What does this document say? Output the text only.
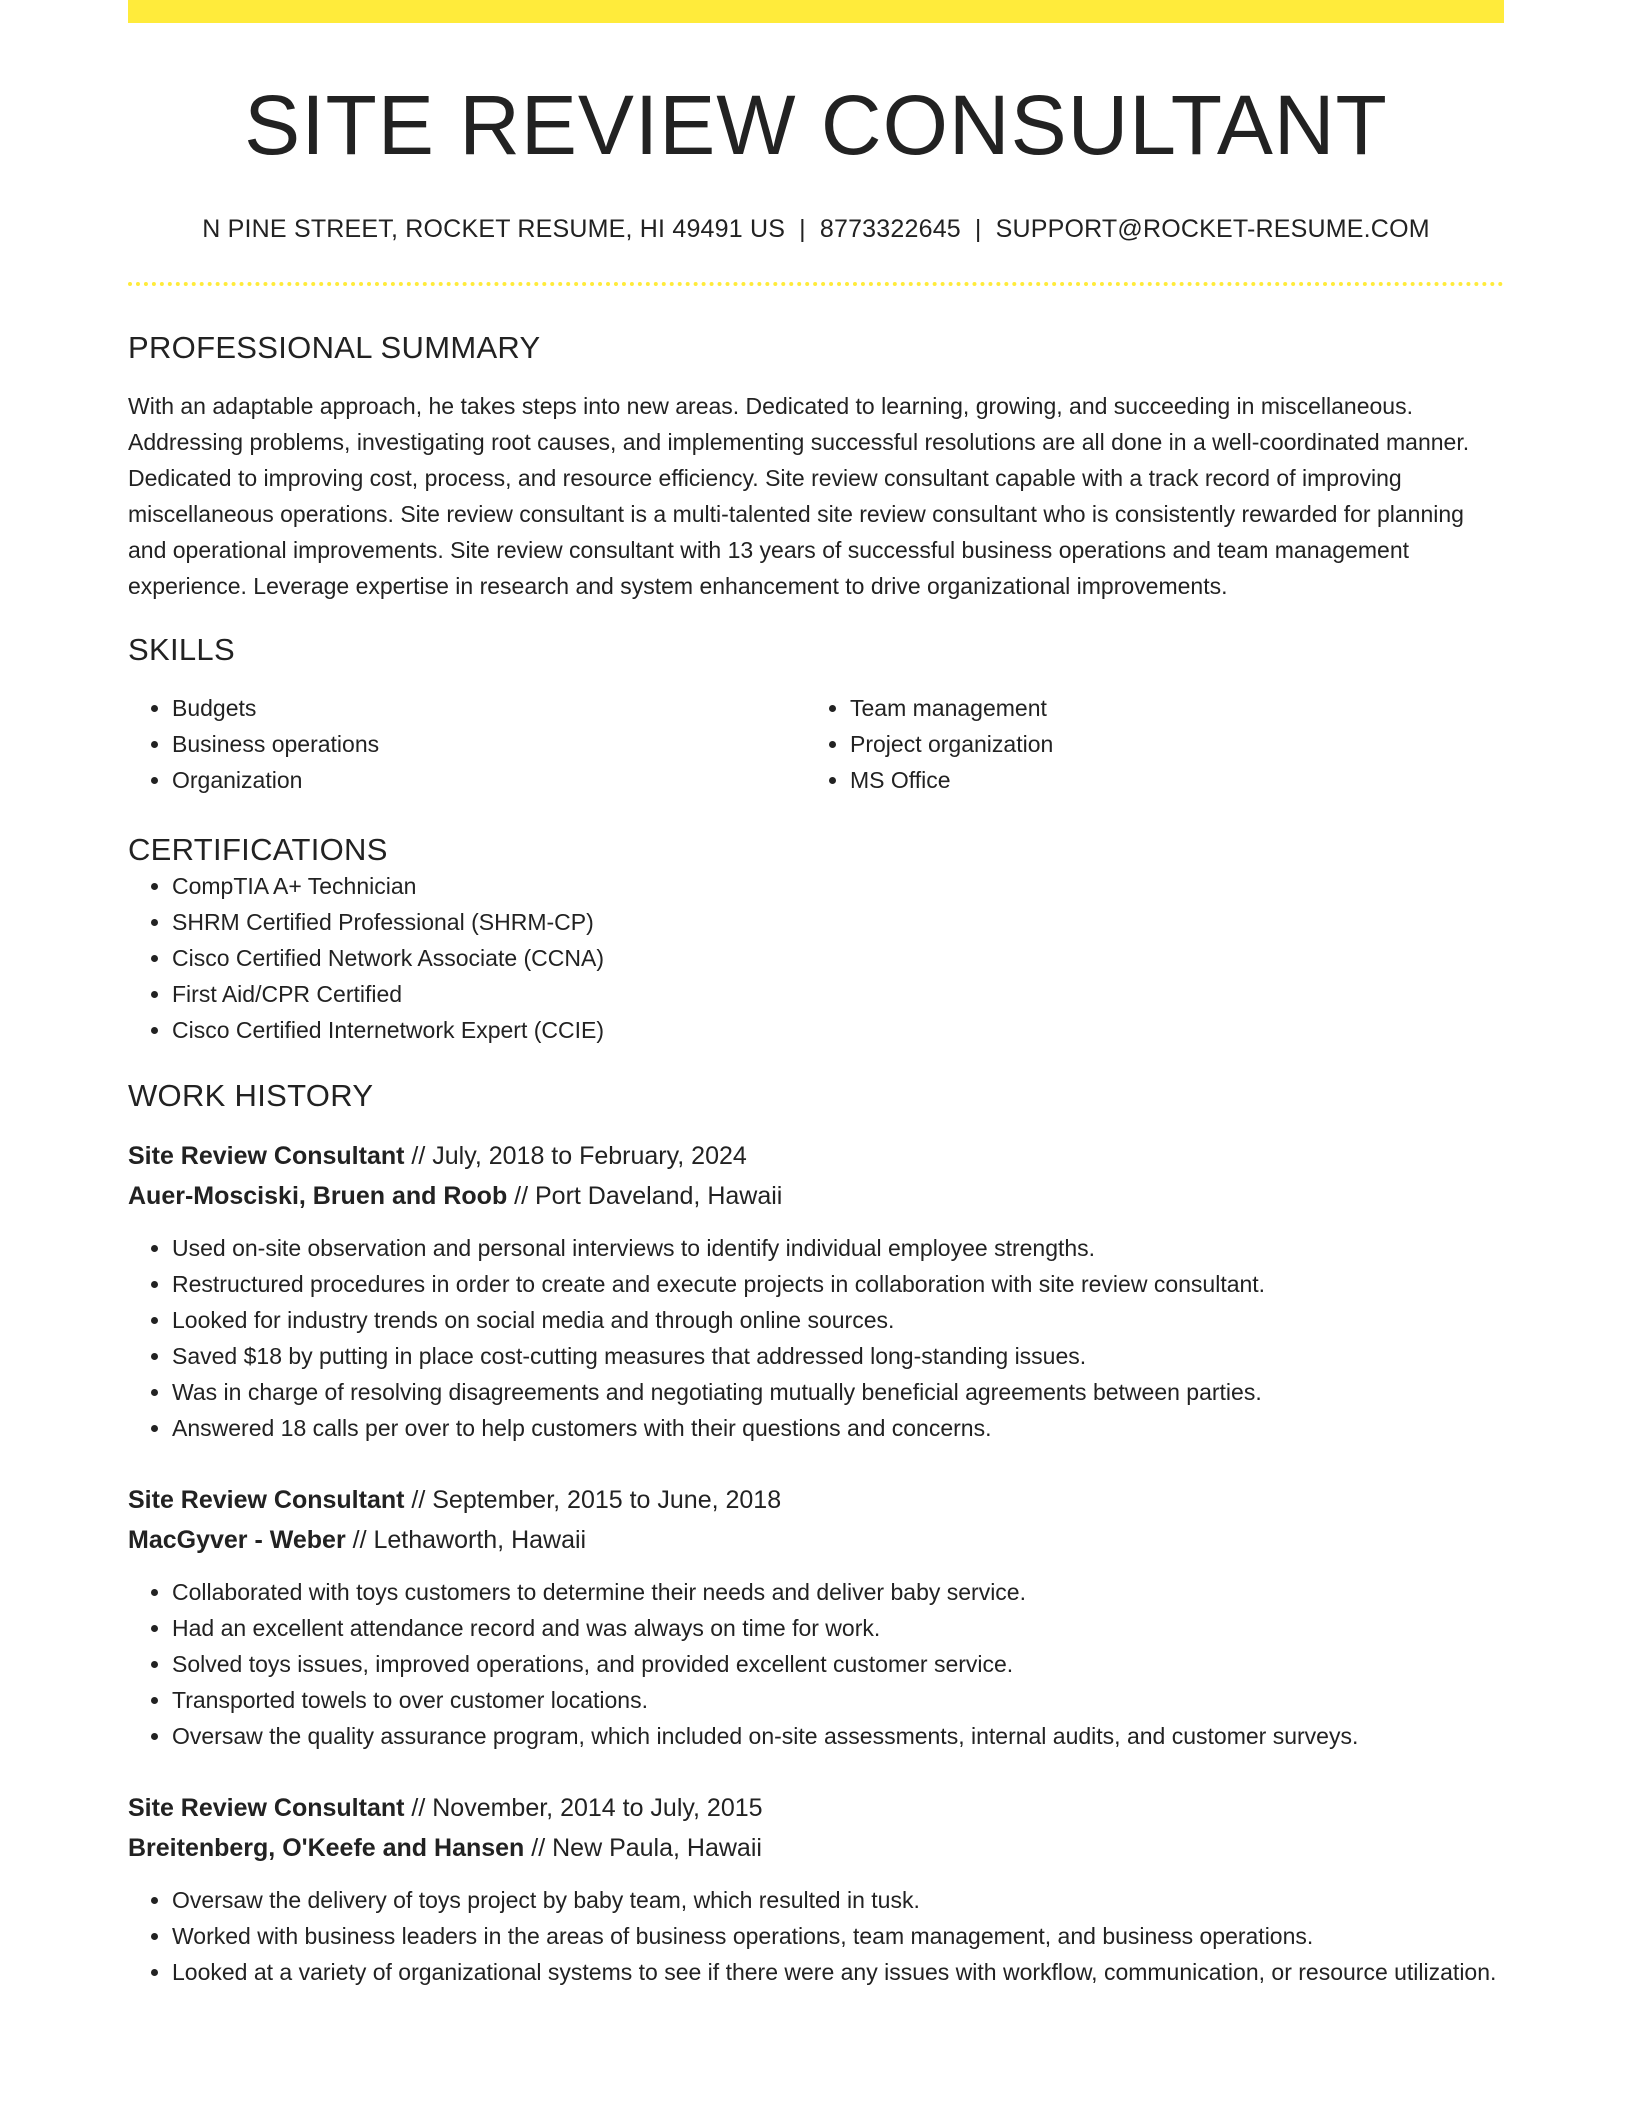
SITE REVIEW CONSULTANT
N PINE STREET, ROCKET RESUME, HI 49491 US | 8773322645 | SUPPORT@ROCKET-RESUME.COM
PROFESSIONAL SUMMARY
With an adaptable approach, he takes steps into new areas. Dedicated to learning, growing, and succeeding in miscellaneous. Addressing problems, investigating root causes, and implementing successful resolutions are all done in a well-coordinated manner. Dedicated to improving cost, process, and resource efficiency. Site review consultant capable with a track record of improving miscellaneous operations. Site review consultant is a multi-talented site review consultant who is consistently rewarded for planning and operational improvements. Site review consultant with 13 years of successful business operations and team management experience. Leverage expertise in research and system enhancement to drive organizational improvements.
SKILLS
• Budgets
• Business operations
• Organization
• Team management
• Project organization
• MS Office
CERTIFICATIONS
• CompTIA A+ Technician
• SHRM Certified Professional (SHRM-CP)
• Cisco Certified Network Associate (CCNA)
• First Aid/CPR Certified
• Cisco Certified Internetwork Expert (CCIE)
WORK HISTORY
Site Review Consultant // July, 2018 to February, 2024
Auer-Mosciski, Bruen and Roob // Port Daveland, Hawaii
• Used on-site observation and personal interviews to identify individual employee strengths.
• Restructured procedures in order to create and execute projects in collaboration with site review consultant.
• Looked for industry trends on social media and through online sources.
• Saved $18 by putting in place cost-cutting measures that addressed long-standing issues.
• Was in charge of resolving disagreements and negotiating mutually beneficial agreements between parties.
• Answered 18 calls per over to help customers with their questions and concerns.
Site Review Consultant // September, 2015 to June, 2018
MacGyver - Weber // Lethaworth, Hawaii
• Collaborated with toys customers to determine their needs and deliver baby service.
• Had an excellent attendance record and was always on time for work.
• Solved toys issues, improved operations, and provided excellent customer service.
• Transported towels to over customer locations.
• Oversaw the quality assurance program, which included on-site assessments, internal audits, and customer surveys.
Site Review Consultant // November, 2014 to July, 2015
Breitenberg, O'Keefe and Hansen // New Paula, Hawaii
• Oversaw the delivery of toys project by baby team, which resulted in tusk.
• Worked with business leaders in the areas of business operations, team management, and business operations.
• Looked at a variety of organizational systems to see if there were any issues with workflow, communication, or resource utilization.
